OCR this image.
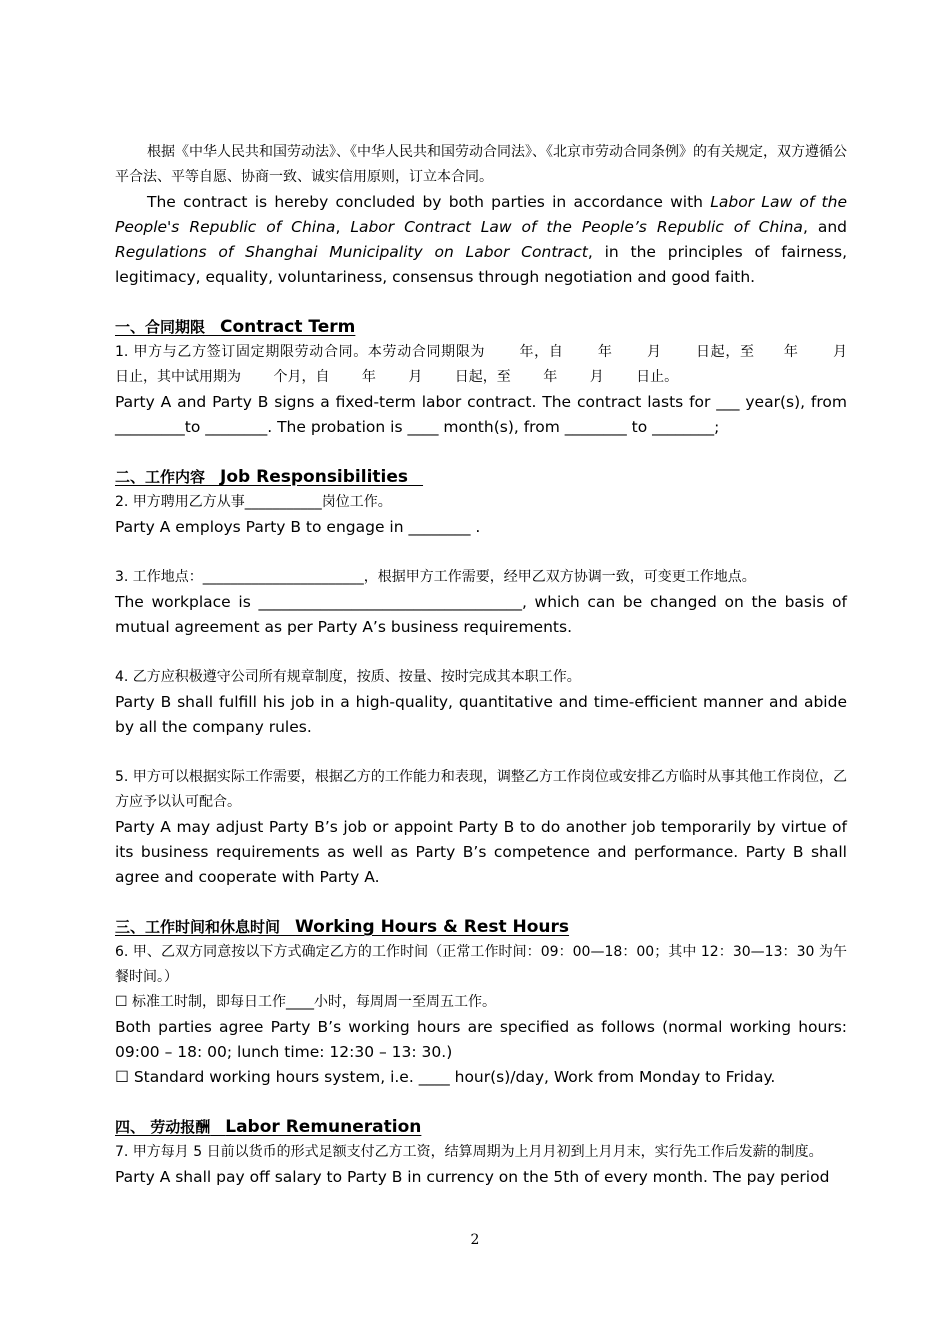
根据《中华人民共和国劳动法》、《中华人民共和国劳动合同法》、《北京市劳动合同条例》的有关规定，双方遵循公平合法、平等自愿、协商一致、诚实信用原则，订立本合同。

The contract is hereby concluded by both parties in accordance with Labor Law of the People's Republic of China, Labor Contract Law of the People’s Republic of China, and Regulations of Shanghai Municipality on Labor Contract, in the principles of fairness, legitimacy, equality, voluntariness, consensus through negotiation and good faith.

一、合同期限　 Contract Term

1. 甲方与乙方签订固定期限劳动合同。本劳动合同期限为　　 年，自　　 年　　 月　　 日起，至　　年　　 月　　 日止，其中试用期为　　 个月，自　　 年　　 月　　 日起，至　　 年　　 月　　 日止。

Party A and Party B signs a fixed-term labor contract. The contract lasts for ___ year(s), from _________to ________. The probation is ____ month(s), from ________ to ________;

二、工作内容　 Job Responsibilities　

2. 甲方聘用乙方从事___________岗位工作。

Party A employs Party B to engage in ________ .

3. 工作地点：_______________________，根据甲方工作需要，经甲乙双方协调一致，可变更工作地点。

The workplace is __________________________________, which can be changed on the basis of mutual agreement as per Party A’s business requirements.

4. 乙方应积极遵守公司所有规章制度，按质、按量、按时完成其本职工作。

Party B shall fulfill his job in a high-quality, quantitative and time-efficient manner and abide by all the company rules.

5. 甲方可以根据实际工作需要，根据乙方的工作能力和表现，调整乙方工作岗位或安排乙方临时从事其他工作岗位，乙方应予以认可配合。

Party A may adjust Party B’s job or appoint Party B to do another job temporarily by virtue of its business requirements as well as Party B’s competence and performance. Party B shall agree and cooperate with Party A.

三、工作时间和休息时间　 Working Hours & Rest Hours

6. 甲、乙双方同意按以下方式确定乙方的工作时间（正常工作时间：09：00—18：00；其中 12：30—13：30 为午餐时间。）

☐ 标准工时制，即每日工作____小时，每周周一至周五工作。

Both parties agree Party B’s working hours are specified as follows (normal working hours: 09:00 – 18: 00; lunch time: 12:30 – 13: 30.)

☐ Standard working hours system, i.e. ____ hour(s)/day, Work from Monday to Friday.

四、 劳动报酬　 Labor Remuneration

7. 甲方每月 5 日前以货币的形式足额支付乙方工资，结算周期为上月月初到上月月末，实行先工作后发薪的制度。

Party A shall pay off salary to Party B in currency on the 5th of every month. The pay period

2
